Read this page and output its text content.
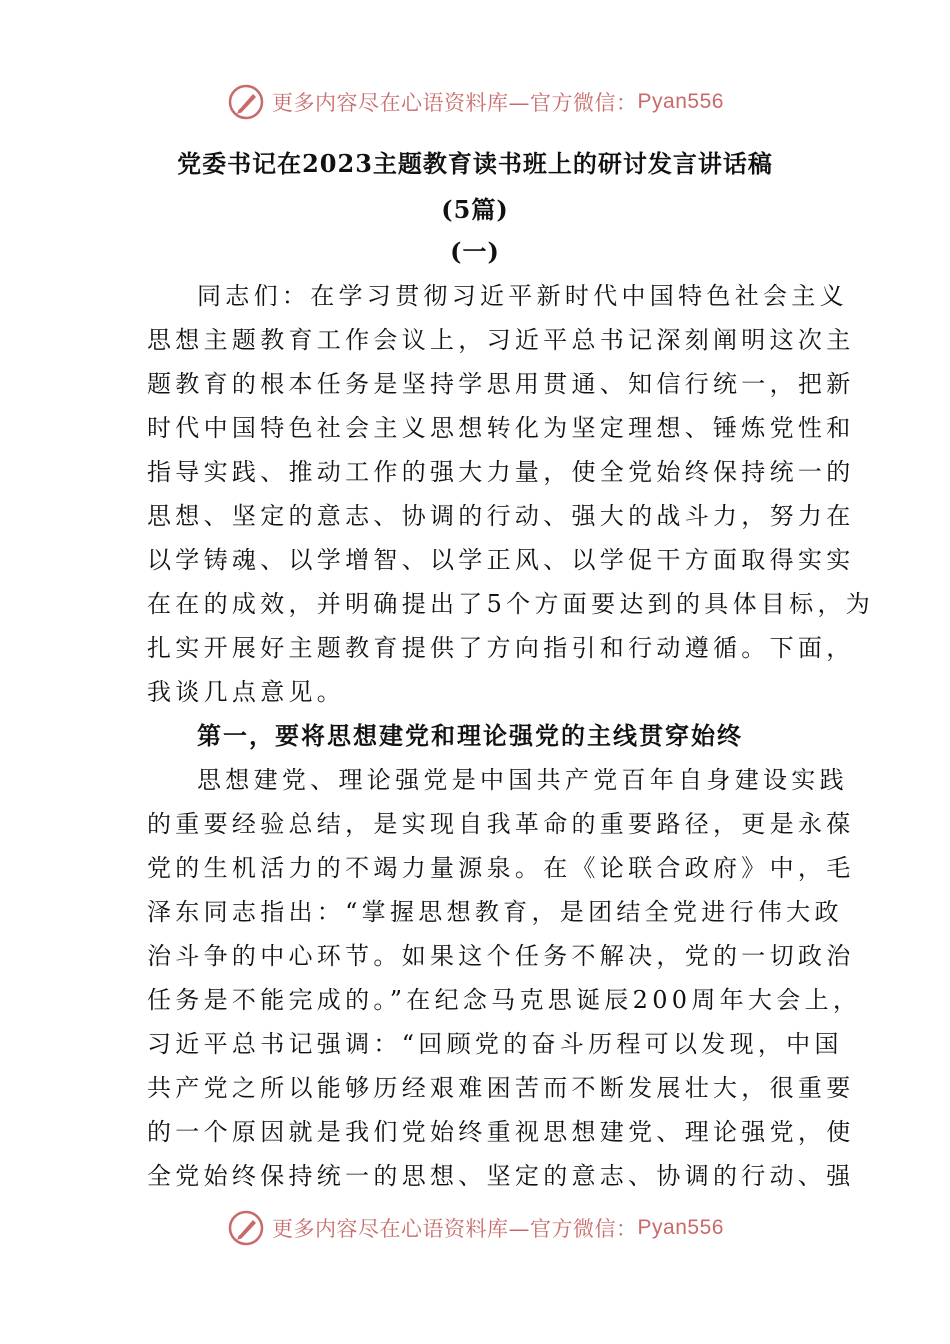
更多内容尽在心语资料库—官方微信： Pyan556
党委书记在2023主题教育读书班上的研讨发言讲话稿
(5篇)
(一)
同志们：在学习贯彻习近平新时代中国特色社会主义
思想主题教育工作会议上，习近平总书记深刻阐明这次主
题教育的根本任务是坚持学思用贯通、知信行统一，把新
时代中国特色社会主义思想转化为坚定理想、锤炼党性和
指导实践、推动工作的强大力量，使全党始终保持统一的
思想、坚定的意志、协调的行动、强大的战斗力，努力在
以学铸魂、以学增智、以学正风、以学促干方面取得实实
在在的成效，并明确提出了5个方面要达到的具体目标，为
扎实开展好主题教育提供了方向指引和行动遵循。下面，
我谈几点意见。
第一，要将思想建党和理论强党的主线贯穿始终
思想建党、理论强党是中国共产党百年自身建设实践
的重要经验总结，是实现自我革命的重要路径，更是永葆
党的生机活力的不竭力量源泉。在《论联合政府》中，毛
泽东同志指出：“掌握思想教育，是团结全党进行伟大政
治斗争的中心环节。如果这个任务不解决，党的一切政治
任务是不能完成的。”在纪念马克思诞辰200周年大会上，
习近平总书记强调：“回顾党的奋斗历程可以发现，中国
共产党之所以能够历经艰难困苦而不断发展壮大，很重要
的一个原因就是我们党始终重视思想建党、理论强党，使
全党始终保持统一的思想、坚定的意志、协调的行动、强
更多内容尽在心语资料库—官方微信： Pyan556
